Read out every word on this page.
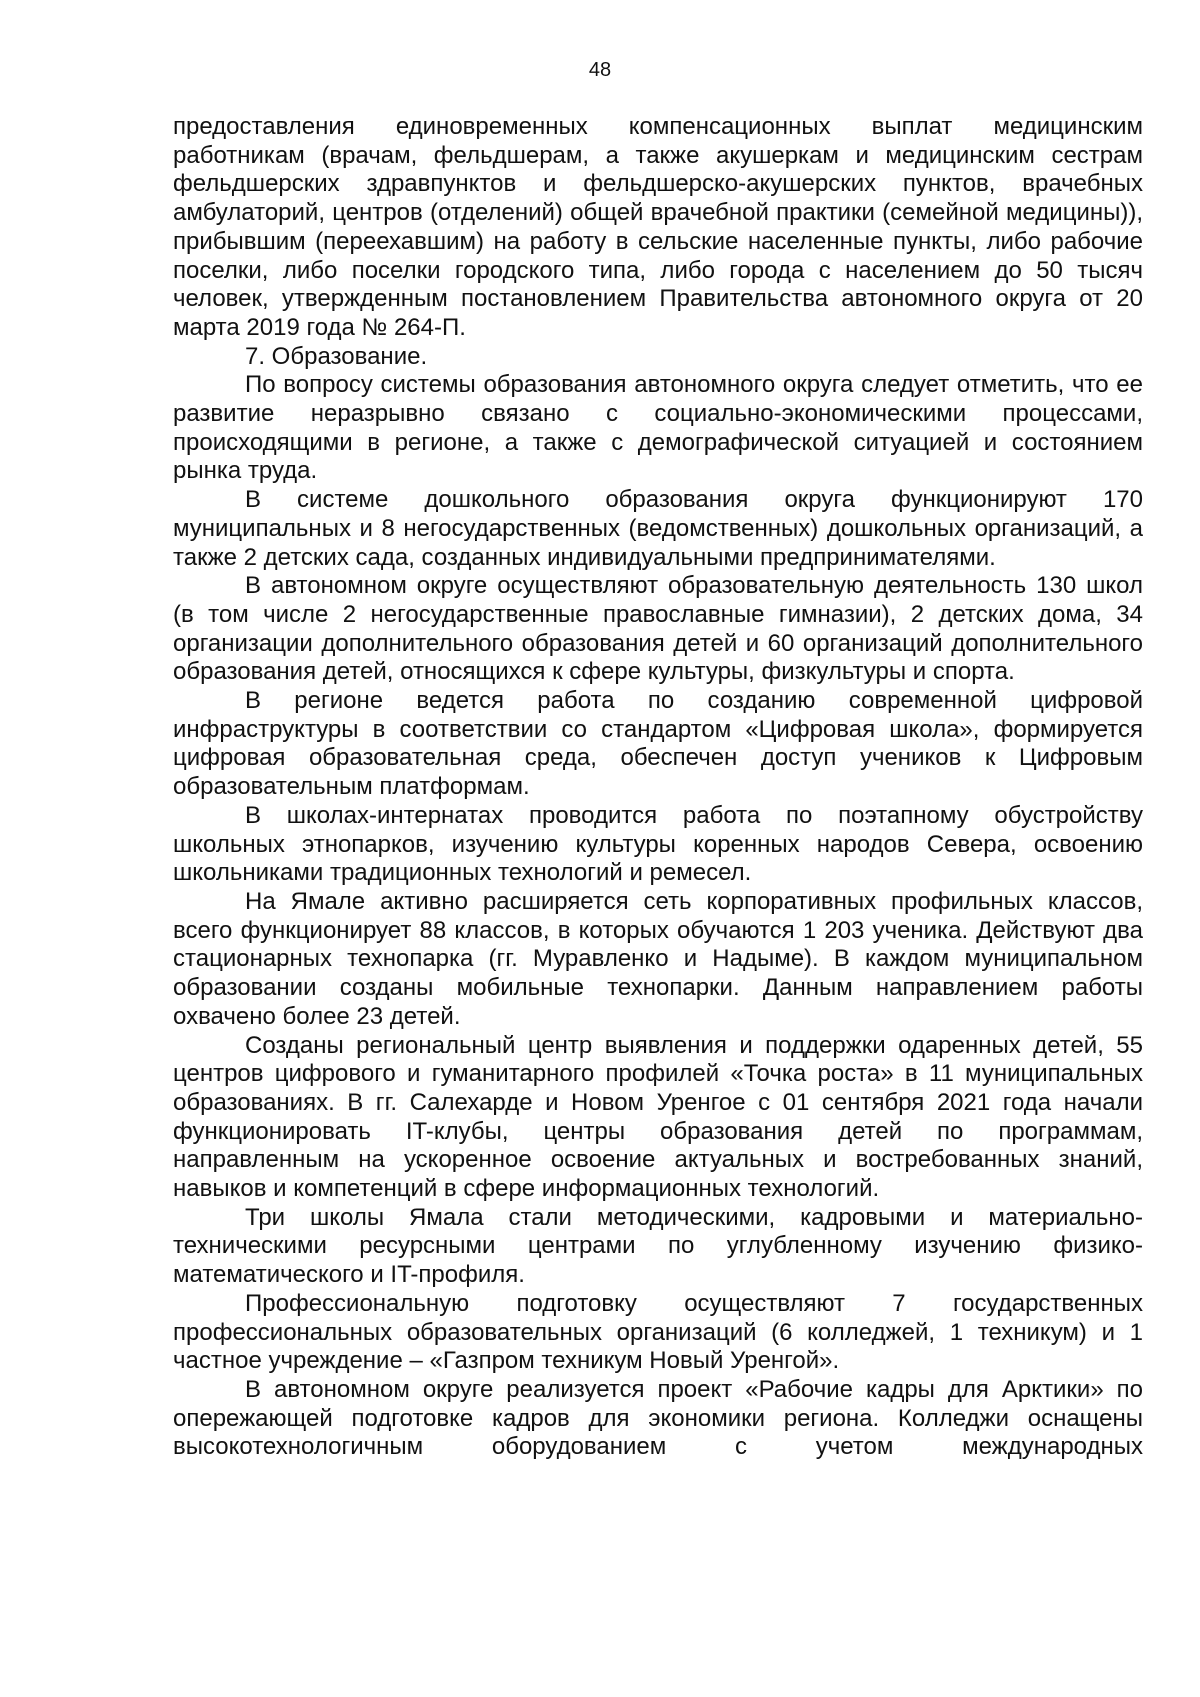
48

предоставления единовременных компенсационных выплат медицинским работникам (врачам, фельдшерам, а также акушеркам и медицинским сестрам фельдшерских здравпунктов и фельдшерско-акушерских пунктов, врачебных амбулаторий, центров (отделений) общей врачебной практики (семейной медицины)), прибывшим (переехавшим) на работу в сельские населенные пункты, либо рабочие поселки, либо поселки городского типа, либо города с населением до 50 тысяч человек, утвержденным постановлением Правительства автономного округа от 20 марта 2019 года № 264-П.

7. Образование.

По вопросу системы образования автономного округа следует отметить, что ее развитие неразрывно связано с социально-экономическими процессами, происходящими в регионе, а также с демографической ситуацией и состоянием рынка труда.

В системе дошкольного образования округа функционируют 170 муниципальных и 8 негосударственных (ведомственных) дошкольных организаций, а также 2 детских сада, созданных индивидуальными предпринимателями.

В автономном округе осуществляют образовательную деятельность 130 школ (в том числе 2 негосударственные православные гимназии), 2 детских дома, 34 организации дополнительного образования детей и 60 организаций дополнительного образования детей, относящихся к сфере культуры, физкультуры и спорта.

В регионе ведется работа по созданию современной цифровой инфраструктуры в соответствии со стандартом «Цифровая школа», формируется цифровая образовательная среда, обеспечен доступ учеников к Цифровым образовательным платформам.

В школах-интернатах проводится работа по поэтапному обустройству школьных этнопарков, изучению культуры коренных народов Севера, освоению школьниками традиционных технологий и ремесел.

На Ямале активно расширяется сеть корпоративных профильных классов, всего функционирует 88 классов, в которых обучаются 1 203 ученика. Действуют два стационарных технопарка (гг. Муравленко и Надыме). В каждом муниципальном образовании созданы мобильные технопарки. Данным направлением работы охвачено более 23 детей.

Созданы региональный центр выявления и поддержки одаренных детей, 55 центров цифрового и гуманитарного профилей «Точка роста» в 11 муниципальных образованиях. В гг. Салехарде и Новом Уренгое с 01 сентября 2021 года начали функционировать IT-клубы, центры образования детей по программам, направленным на ускоренное освоение актуальных и востребованных знаний, навыков и компетенций в сфере информационных технологий.

Три школы Ямала стали методическими, кадровыми и материально-техническими ресурсными центрами по углубленному изучению физико-математического и IT-профиля.

Профессиональную подготовку осуществляют 7 государственных профессиональных образовательных организаций (6 колледжей, 1 техникум) и 1 частное учреждение – «Газпром техникум Новый Уренгой».

В автономном округе реализуется проект «Рабочие кадры для Арктики» по опережающей подготовке кадров для экономики региона. Колледжи оснащены высокотехнологичным оборудованием с учетом международных
